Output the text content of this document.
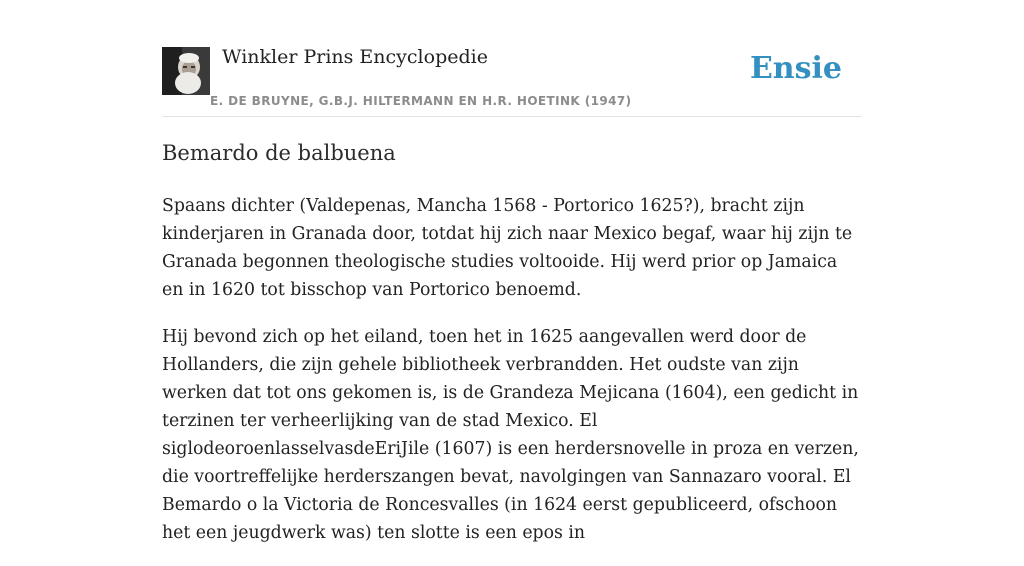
Winkler Prins Encyclopedie
E. DE BRUYNE, G.B.J. HILTERMANN EN H.R. HOETINK (1947)
Ensie
Bemardo de balbuena

Spaans dichter (Valdepenas, Mancha 1568 - Portorico 1625?), bracht zijn kinderjaren in Granada door, totdat hij zich naar Mexico begaf, waar hij zijn te Granada begonnen theologische studies voltooide. Hij werd prior op Jamaica en in 1620 tot bisschop van Portorico benoemd.

Hij bevond zich op het eiland, toen het in 1625 aangevallen werd door de Hollanders, die zijn gehele bibliotheek verbrandden. Het oudste van zijn werken dat tot ons gekomen is, is de Grandeza Mejicana (1604), een gedicht in terzinen ter verheerlijking van de stad Mexico. El siglodeoroenlasselvasdeEriJile (1607) is een herdersnovelle in proza en verzen, die voortreffelijke herderszangen bevat, navolgingen van Sannazaro vooral. El Bemardo o la Victoria de Roncesvalles (in 1624 eerst gepubliceerd, ofschoon het een jeugdwerk was) ten slotte is een epos in
